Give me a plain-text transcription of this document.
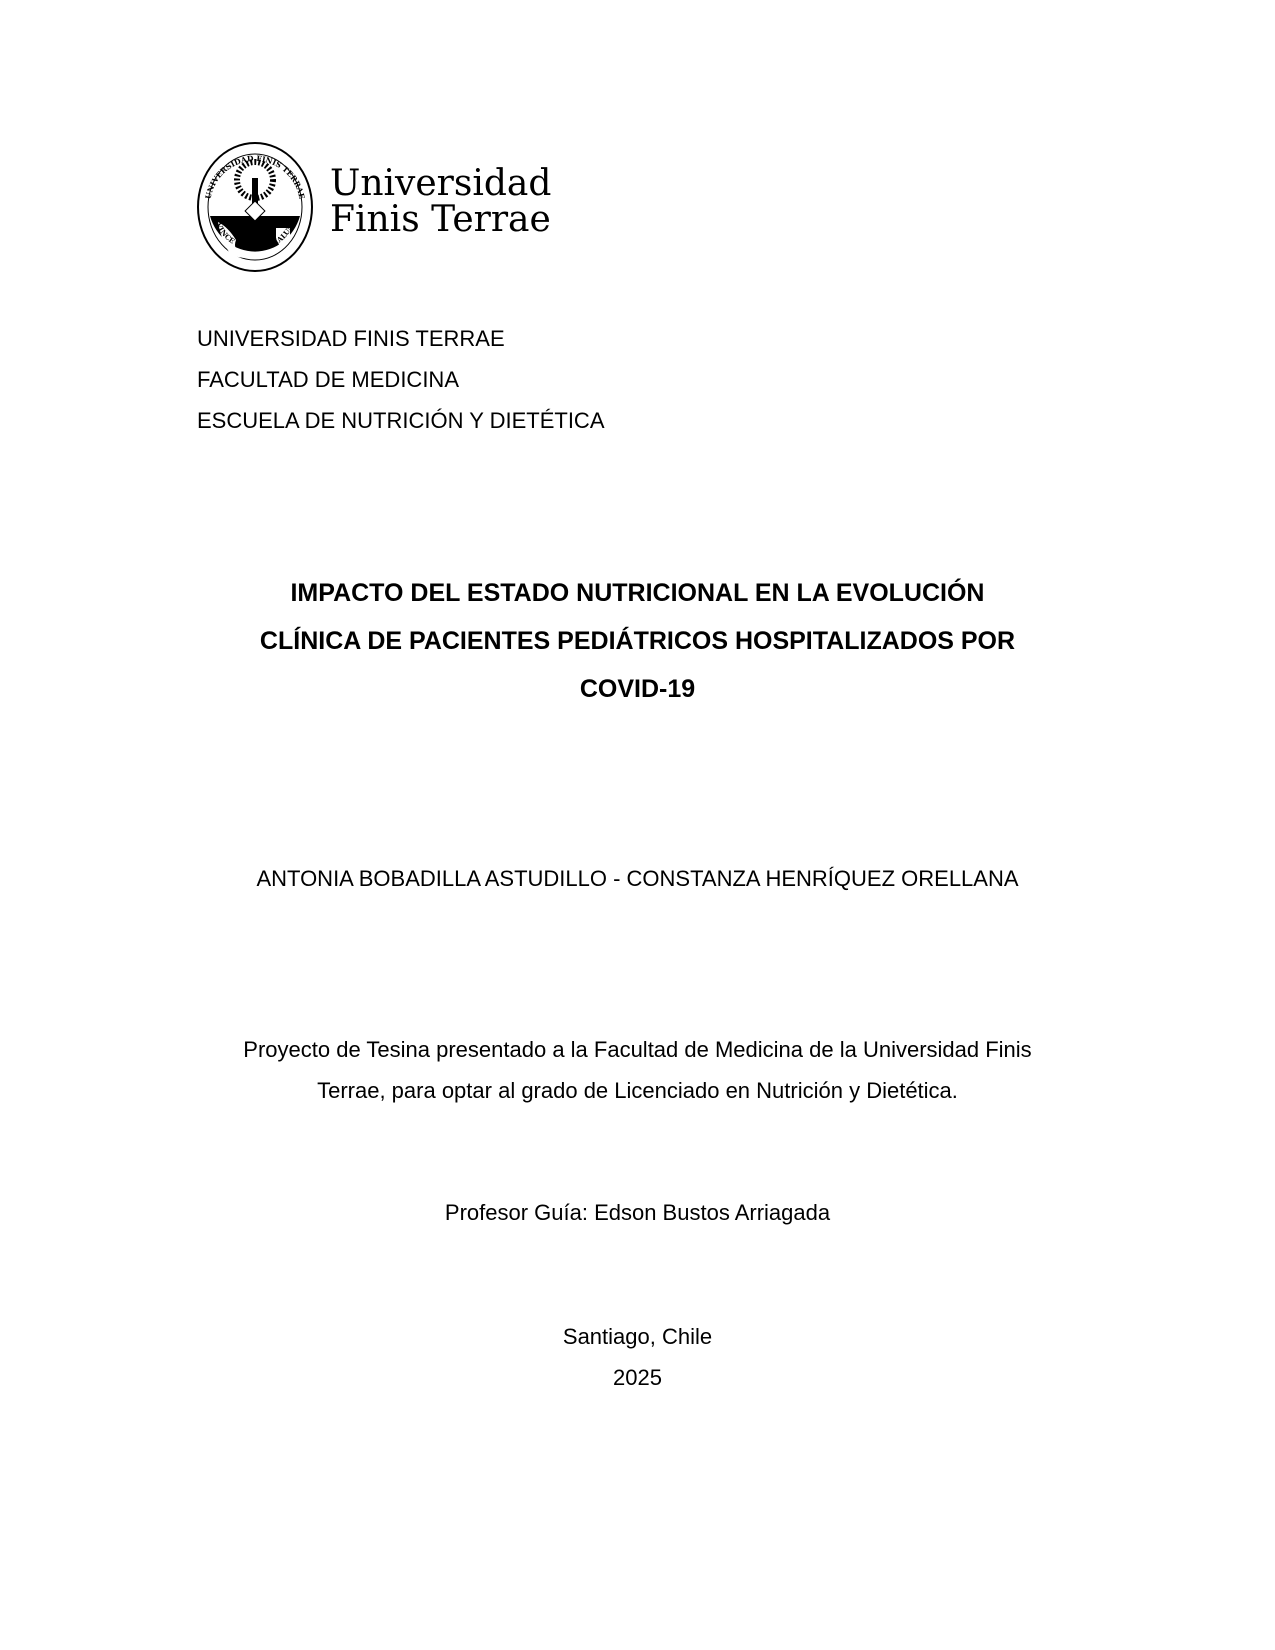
UNIVERSIDAD FINIS TERRAE
VINCE IN BONO MALUM
Universidad
Finis Terrae
UNIVERSIDAD FINIS TERRAE
FACULTAD DE MEDICINA
ESCUELA DE NUTRICIÓN Y DIETÉTICA
IMPACTO DEL ESTADO NUTRICIONAL EN LA EVOLUCIÓN
CLÍNICA DE PACIENTES PEDIÁTRICOS HOSPITALIZADOS POR
COVID-19
ANTONIA BOBADILLA ASTUDILLO - CONSTANZA HENRÍQUEZ ORELLANA
Proyecto de Tesina presentado a la Facultad de Medicina de la Universidad Finis
Terrae, para optar al grado de Licenciado en Nutrición y Dietética.
Profesor Guía: Edson Bustos Arriagada
Santiago, Chile
2025
